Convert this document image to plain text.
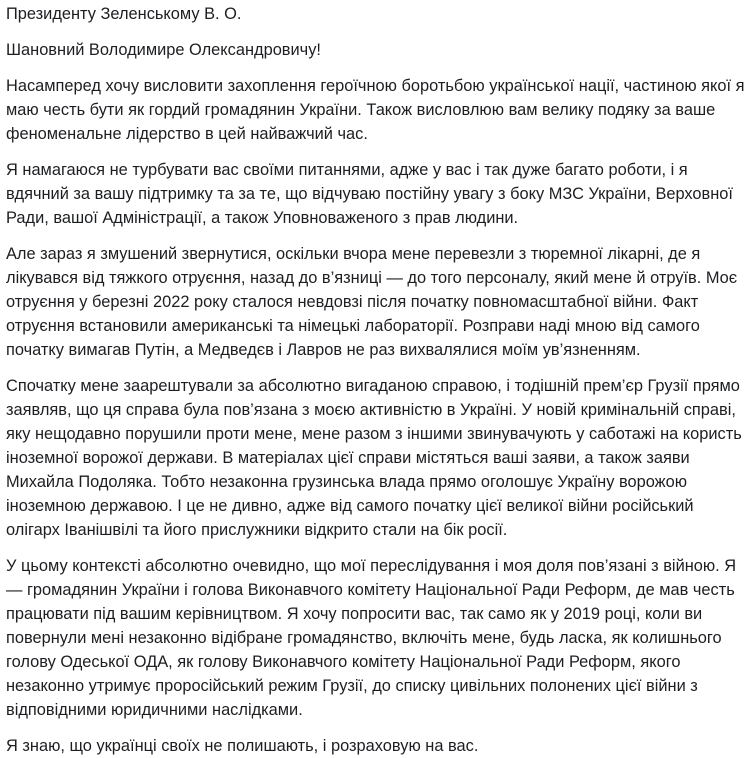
Президенту Зеленському В. О.

Шановний Володимире Олександровичу!

Насамперед хочу висловити захоплення героїчною боротьбою української нації, частиною якої я маю честь бути як гордий громадянин України. Також висловлюю вам велику подяку за ваше феноменальне лідерство в цей найважчий час.

Я намагаюся не турбувати вас своїми питаннями, адже у вас і так дуже багато роботи, і я вдячний за вашу підтримку та за те, що відчуваю постійну увагу з боку МЗС України, Верховної Ради, вашої Адміністрації, а також Уповноваженого з прав людини.

Але зараз я змушений звернутися, оскільки вчора мене перевезли з тюремної лікарні, де я лікувався від тяжкого отруєння, назад до в’язниці — до того персоналу, який мене й отруїв. Моє отруєння у березні 2022 року сталося невдовзі після початку повномасштабної війни. Факт отруєння встановили американські та німецькі лабораторії. Розправи наді мною від самого початку вимагав Путін, а Медведєв і Лавров не раз вихвалялися моїм ув’язненням.

Спочатку мене заарештували за абсолютно вигаданою справою, і тодішній прем’єр Грузії прямо заявляв, що ця справа була пов’язана з моєю активністю в Україні. У новій кримінальній справі, яку нещодавно порушили проти мене, мене разом з іншими звинувачують у саботажі на користь іноземної ворожої держави. В матеріалах цієї справи містяться ваші заяви, а також заяви Михайла Подоляка. Тобто незаконна грузинська влада прямо оголошує Україну ворожою іноземною державою. І це не дивно, адже від самого початку цієї великої війни російський олігарх Іванішвілі та його прислужники відкрито стали на бік росії.

У цьому контексті абсолютно очевидно, що мої переслідування і моя доля пов’язані з війною. Я — громадянин України і голова Виконавчого комітету Національної Ради Реформ, де мав честь працювати під вашим керівництвом. Я хочу попросити вас, так само як у 2019 році, коли ви повернули мені незаконно відібране громадянство, включіть мене, будь ласка, як колишнього голову Одеської ОДА, як голову Виконавчого комітету Національної Ради Реформ, якого незаконно утримує проросійський режим Грузії, до списку цивільних полонених цієї війни з відповідними юридичними наслідками.

Я знаю, що українці своїх не полишають, і розраховую на вас.
